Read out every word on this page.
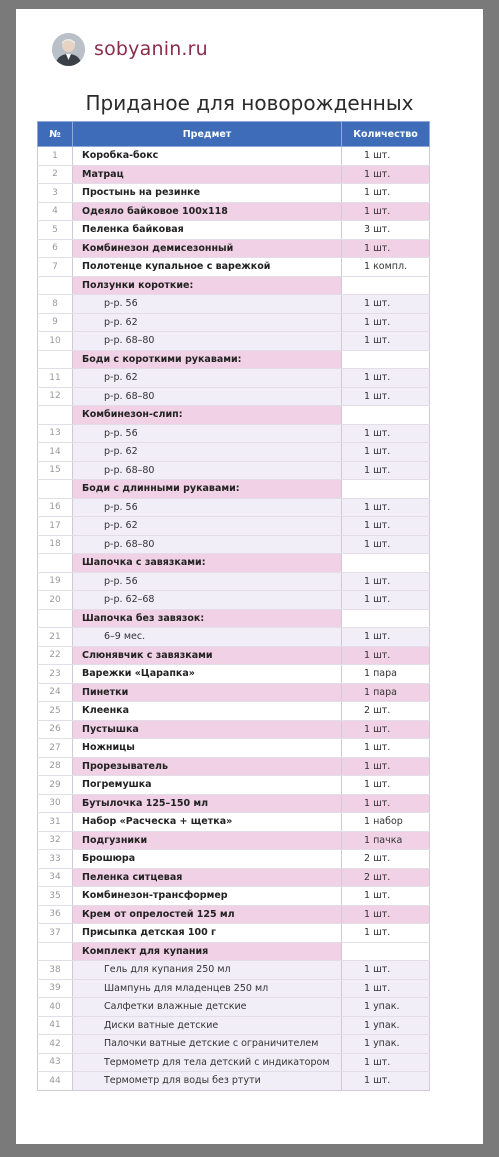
sobyanin.ru
Приданое для новорожденных
№	Предмет	Количество
1	Коробка-бокс	1 шт.
2	Матрац	1 шт.
3	Простынь на резинке	1 шт.
4	Одеяло байковое 100х118	1 шт.
5	Пеленка байковая	3 шт.
6	Комбинезон демисезонный	1 шт.
7	Полотенце купальное с варежкой	1 компл.
	Ползунки короткие:	
8	р-р. 56	1 шт.
9	р-р. 62	1 шт.
10	р-р. 68–80	1 шт.
	Боди с короткими рукавами:	
11	р-р. 62	1 шт.
12	р-р. 68–80	1 шт.
	Комбинезон-слип:	
13	р-р. 56	1 шт.
14	р-р. 62	1 шт.
15	р-р. 68–80	1 шт.
	Боди с длинными рукавами:	
16	р-р. 56	1 шт.
17	р-р. 62	1 шт.
18	р-р. 68–80	1 шт.
	Шапочка с завязками:	
19	р-р. 56	1 шт.
20	р-р. 62–68	1 шт.
	Шапочка без завязок:	
21	6–9 мес.	1 шт.
22	Слюнявчик с завязками	1 шт.
23	Варежки «Царапка»	1 пара
24	Пинетки	1 пара
25	Клеенка	2 шт.
26	Пустышка	1 шт.
27	Ножницы	1 шт.
28	Прорезыватель	1 шт.
29	Погремушка	1 шт.
30	Бутылочка 125–150 мл	1 шт.
31	Набор «Расческа + щетка»	1 набор
32	Подгузники	1 пачка
33	Брошюра	2 шт.
34	Пеленка ситцевая	2 шт.
35	Комбинезон-трансформер	1 шт.
36	Крем от опрелостей 125 мл	1 шт.
37	Присыпка детская 100 г	1 шт.
	Комплект для купания	
38	Гель для купания 250 мл	1 шт.
39	Шампунь для младенцев 250 мл	1 шт.
40	Салфетки влажные детские	1 упак.
41	Диски ватные детские	1 упак.
42	Палочки ватные детские с ограничителем	1 упак.
43	Термометр для тела детский с индикатором	1 шт.
44	Термометр для воды без ртути	1 шт.
